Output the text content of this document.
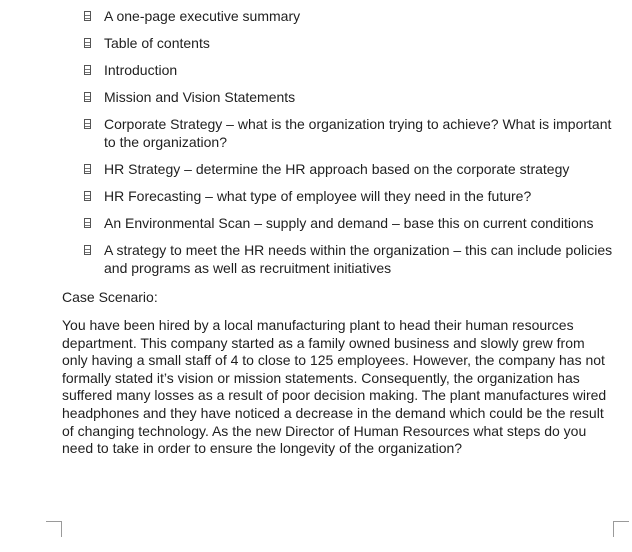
A one-page executive summary
Table of contents
Introduction
Mission and Vision Statements
Corporate Strategy – what is the organization trying to achieve? What is important to the organization?
HR Strategy – determine the HR approach based on the corporate strategy
HR Forecasting – what type of employee will they need in the future?
An Environmental Scan – supply and demand – base this on current conditions
A strategy to meet the HR needs within the organization – this can include policies and programs as well as recruitment initiatives
Case Scenario:

You have been hired by a local manufacturing plant to head their human resources department. This company started as a family owned business and slowly grew from only having a small staff of 4 to close to 125 employees. However, the company has not formally stated it’s vision or mission statements. Consequently, the organization has suffered many losses as a result of poor decision making. The plant manufactures wired headphones and they have noticed a decrease in the demand which could be the result of changing technology. As the new Director of Human Resources what steps do you need to take in order to ensure the longevity of the organization?
